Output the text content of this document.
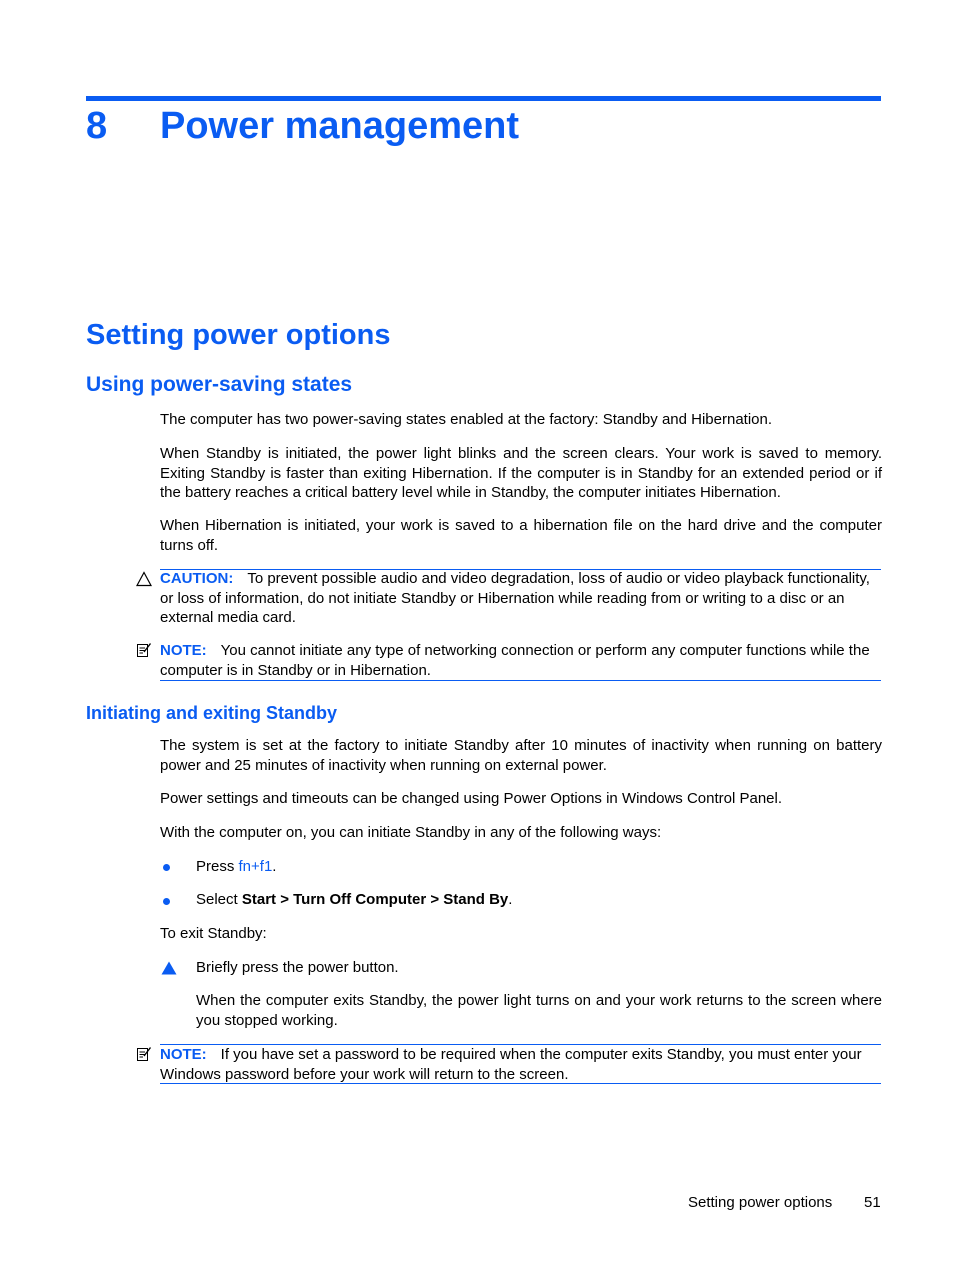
8 Power management
Setting power options
Using power-saving states
The computer has two power-saving states enabled at the factory: Standby and Hibernation.
When Standby is initiated, the power light blinks and the screen clears. Your work is saved to memory. Exiting Standby is faster than exiting Hibernation. If the computer is in Standby for an extended period or if the battery reaches a critical battery level while in Standby, the computer initiates Hibernation.
When Hibernation is initiated, your work is saved to a hibernation file on the hard drive and the computer turns off.
CAUTION: To prevent possible audio and video degradation, loss of audio or video playback functionality, or loss of information, do not initiate Standby or Hibernation while reading from or writing to a disc or an external media card.
NOTE: You cannot initiate any type of networking connection or perform any computer functions while the computer is in Standby or in Hibernation.
Initiating and exiting Standby
The system is set at the factory to initiate Standby after 10 minutes of inactivity when running on battery power and 25 minutes of inactivity when running on external power.
Power settings and timeouts can be changed using Power Options in Windows Control Panel.
With the computer on, you can initiate Standby in any of the following ways:
Press fn+f1.
Select Start > Turn Off Computer > Stand By.
To exit Standby:
Briefly press the power button.
When the computer exits Standby, the power light turns on and your work returns to the screen where you stopped working.
NOTE: If you have set a password to be required when the computer exits Standby, you must enter your Windows password before your work will return to the screen.
Setting power options 51
